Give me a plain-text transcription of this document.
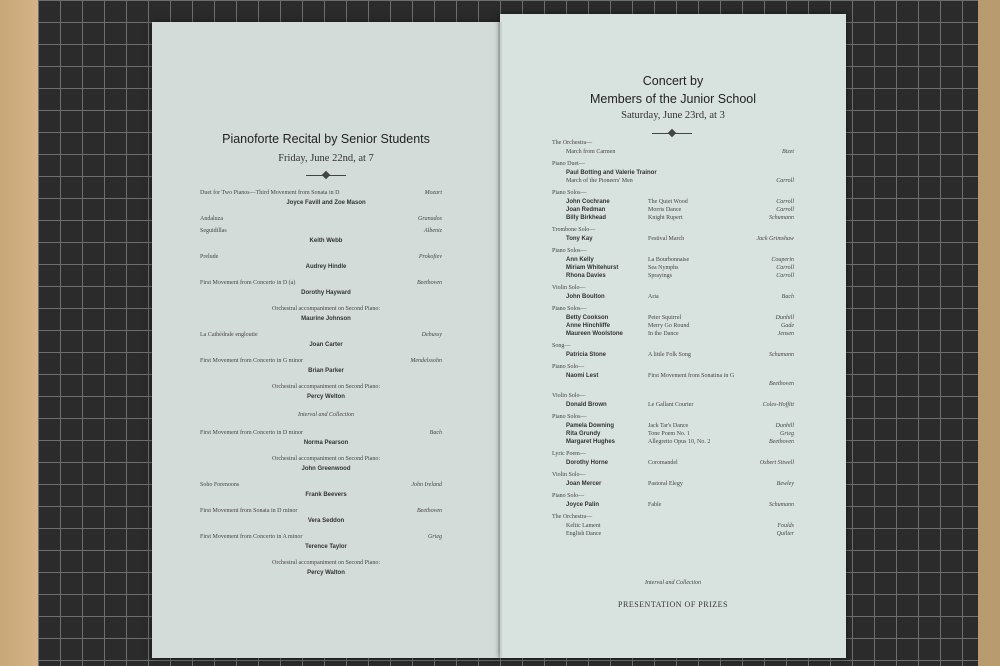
Pianoforte Recital by Senior Students
Friday, June 22nd, at 7
Duet for Two Pianos—Third Movement from Sonata in D	Mozart
Joyce Favill and Zoe Mason
Andaluza	Granados
Seguidillas	Albeniz
Keith Webb
Prelude	Prokofiev
Audrey Hindle
First Movement from Concerto in D (a)	Beethoven
Dorothy Hayward
Orchestral accompaniment on Second Piano:
Maurine Johnson
La Cathédrale engloutie	Debussy
Joan Carter
First Movement from Concerto in G minor	Mendelssohn
Brian Parker
Orchestral accompaniment on Second Piano:
Percy Welton
Interval and Collection
First Movement from Concerto in D minor	Bach
Norma Pearson
Orchestral accompaniment on Second Piano:
John Greenwood
Soho Forenoons	John Ireland
Frank Beevers
First Movement from Sonata in D minor	Beethoven
Vera Seddon
First Movement from Concerto in A minor	Grieg
Terence Taylor
Orchestral accompaniment on Second Piano:
Percy Walton
Concert by
Members of the Junior School
Saturday, June 23rd, at 3
The Orchestra—
March from Carmen	Bizet
Piano Duet—
Paul Botting and Valerie Trainor
March of the Pioneers' Men	Carroll
Piano Solos—
John Cochrane	The Quiet Wood	Carroll
Joan Redman	Morris Dance	Carroll
Billy Birkhead	Knight Rupert	Schumann
Trombone Solo—
Tony Kay	Festival March	Jack Grimshaw
Piano Solos—
Ann Kelly	La Bourbonnaise	Couperin
Miriam Whitehurst	Sea Nymphs	Carroll
Rhona Davies	Sprayings	Carroll
Violin Solo—
John Boulton	Aria	Bach
Piano Solos—
Betty Cookson	Peter Squirrel	Dunhill
Anne Hinchliffe	Merry Go Round	Gade
Maureen Woolstone	In the Dance	Jensen
Song—
Patricia Stone	A little Folk Song	Schumann
Piano Solo—
Naomi Lest	First Movement from Sonatina in G
Beethoven
Violin Solo—
Donald Brown	Le Gallant Courier	Coles-Hoffitt
Piano Solos—
Pamela Downing	Jack Tar's Dance	Dunhill
Rita Grundy	Tone Poem No. 1	Grieg
Margaret Hughes	Allegretto Opus 10, No. 2	Beethoven
Lyric Poem—
Dorothy Horne	Coromandel	Osbert Sitwell
Violin Solo—
Joan Mercer	Pastoral Elegy	Bewley
Piano Solo—
Joyce Palin	Fable	Schumann
The Orchestra—
Keltic Lament	Foulds
English Dance	Quilter
Interval and Collection
PRESENTATION OF PRIZES
